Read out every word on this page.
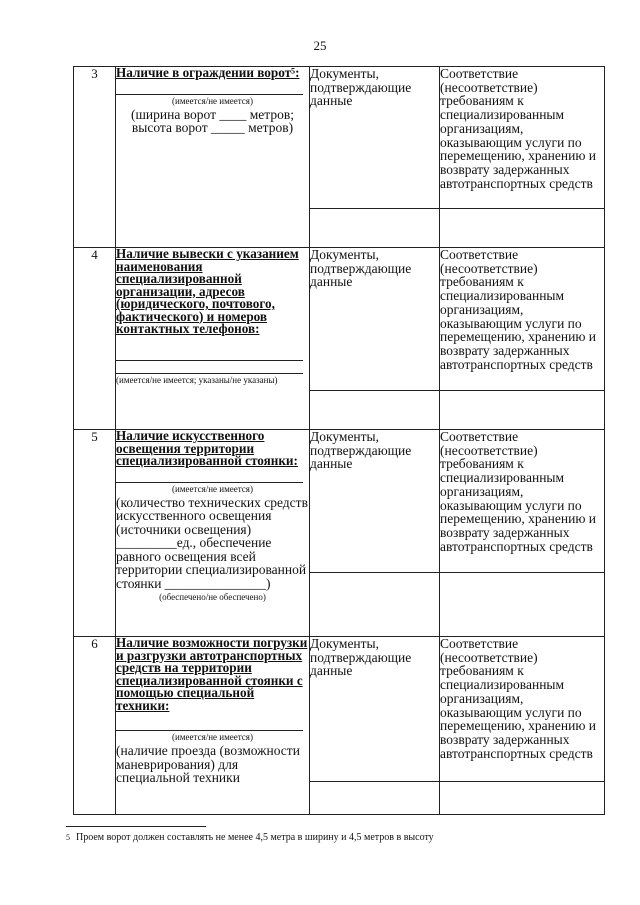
25
3	Наличие в ограждении ворот⁵:
(имеется/не имеется)
(ширина ворот ____ метров; высота ворот _____ метров)	Документы, подтверждающие данные	Соответствие (несоответствие) требованиям к специализированным организациям, оказывающим услуги по перемещению, хранению и возврату задержанных автотранспортных средств

4	Наличие вывески с указанием наименования специализированной организации, адресов (юридического, почтового, фактического) и номеров контактных телефонов:
(имеется/не имеется; указаны/не указаны)	Документы, подтверждающие данные	Соответствие (несоответствие) требованиям к специализированным организациям, оказывающим услуги по перемещению, хранению и возврату задержанных автотранспортных средств

5	Наличие искусственного освещения территории специализированной стоянки:
(имеется/не имеется)
(количество технических средств искусственного освещения (источники освещения) _________ед., обеспечение равного освещения всей территории специализированной стоянки _______________)
(обеспечено/не обеспечено)	Документы, подтверждающие данные	Соответствие (несоответствие) требованиям к специализированным организациям, оказывающим услуги по перемещению, хранению и возврату задержанных автотранспортных средств

6	Наличие возможности погрузки и разгрузки автотранспортных средств на территории специализированной стоянки с помощью специальной техники:
(имеется/не имеется)
(наличие проезда (возможности маневрирования) для специальной техники	Документы, подтверждающие данные	Соответствие (несоответствие) требованиям к специализированным организациям, оказывающим услуги по перемещению, хранению и возврату задержанных автотранспортных средств

$^5$ Проем ворот должен составлять не менее 4,5 метра в ширину и 4,5 метров в высоту
